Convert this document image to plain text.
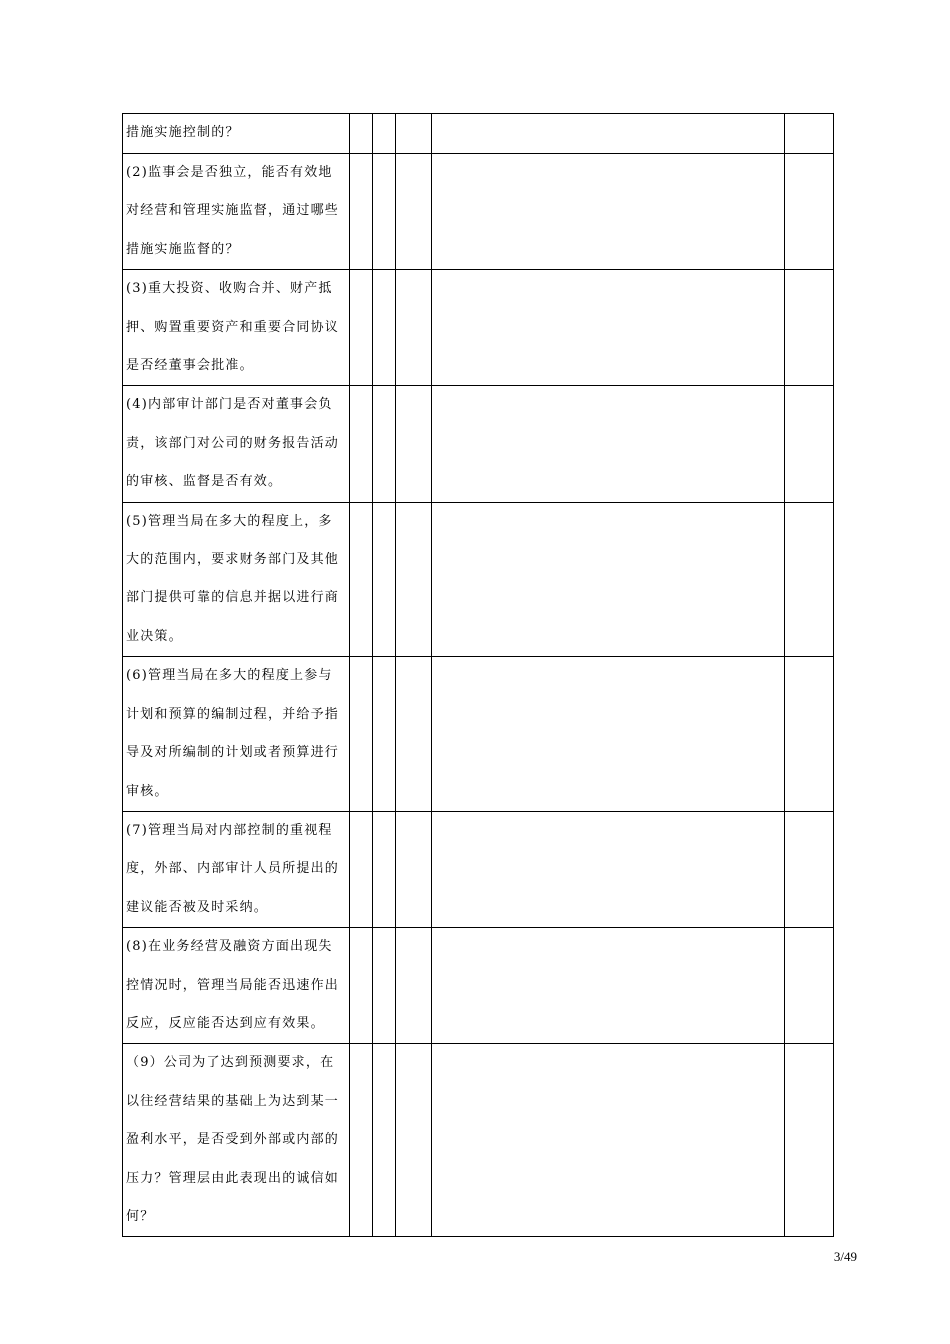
措施实施控制的？					
(2)监事会是否独立，能否有效地对经营和管理实施监督，通过哪些措施实施监督的？					
(3)重大投资、收购合并、财产抵押、购置重要资产和重要合同协议是否经董事会批准。					
(4)内部审计部门是否对董事会负责，该部门对公司的财务报告活动的审核、监督是否有效。					
(5)管理当局在多大的程度上，多大的范围内，要求财务部门及其他部门提供可靠的信息并据以进行商业决策。					
(6)管理当局在多大的程度上参与计划和预算的编制过程，并给予指导及对所编制的计划或者预算进行审核。					
(7)管理当局对内部控制的重视程度，外部、内部审计人员所提出的建议能否被及时采纳。					
(8)在业务经营及融资方面出现失控情况时，管理当局能否迅速作出反应，反应能否达到应有效果。					
（9）公司为了达到预测要求，在以往经营结果的基础上为达到某一盈利水平，是否受到外部或内部的压力？管理层由此表现出的诚信如何？					
3/49
